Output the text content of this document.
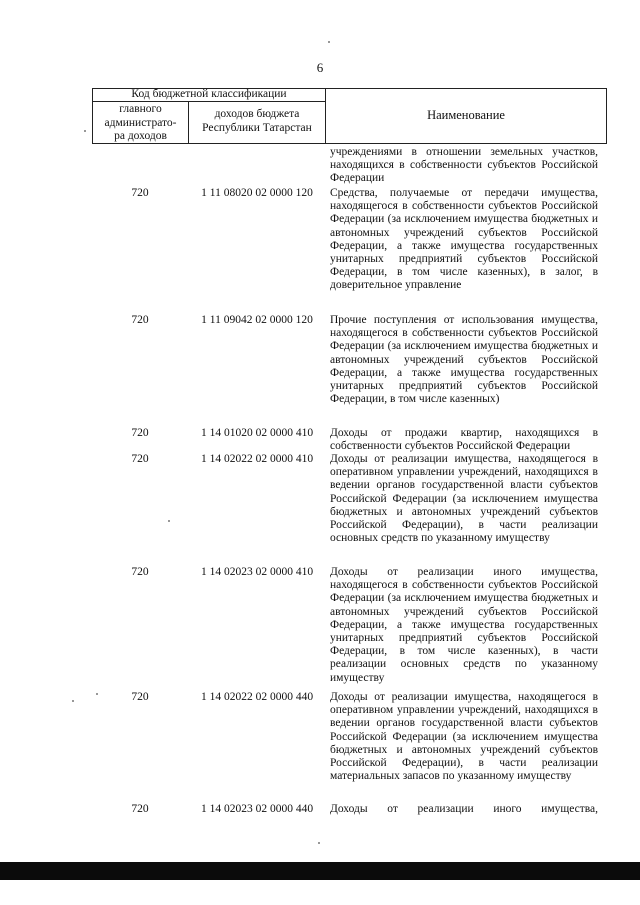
6
Код бюджетной классификации
главного
администрато-
ра доходов
доходов бюджета
Республики Татарстан
Наименование
учреждениями в отношении земельных участков, находящихся в собственности субъектов Российской Федерации
720	1 11 08020 02 0000 120	Средства, получаемые от передачи имущества, находящегося в собственности субъектов Российской Федерации (за исключением имущества бюджетных и автономных учреждений субъектов Российской Федерации, а также имущества государственных унитарных предприятий субъектов Российской Федерации, в том числе казенных), в залог, в доверительное управление
720	1 11 09042 02 0000 120	Прочие поступления от использования имущества, находящегося в собственности субъектов Российской Федерации (за исключением имущества бюджетных и автономных учреждений субъектов Российской Федерации, а также имущества государственных унитарных предприятий субъектов Российской Федерации, в том числе казенных)
720	1 14 01020 02 0000 410	Доходы от продажи квартир, находящихся в собственности субъектов Российской Федерации
720	1 14 02022 02 0000 410	Доходы от реализации имущества, находящегося в оперативном управлении учреждений, находящихся в ведении органов государственной власти субъектов Российской Федерации (за исключением имущества бюджетных и автономных учреждений субъектов Российской Федерации), в части реализации основных средств по указанному имуществу
720	1 14 02023 02 0000 410	Доходы от реализации иного имущества, находящегося в собственности субъектов Российской Федерации (за исключением имущества бюджетных и автономных учреждений субъектов Российской Федерации, а также имущества государственных унитарных предприятий субъектов Российской Федерации, в том числе казенных), в части реализации основных средств по указанному имуществу
720	1 14 02022 02 0000 440	Доходы от реализации имущества, находящегося в оперативном управлении учреждений, находящихся в ведении органов государственной власти субъектов Российской Федерации (за исключением имущества бюджетных и автономных учреждений субъектов Российской Федерации), в части реализации материальных запасов по указанному имуществу
720	1 14 02023 02 0000 440	Доходы от реализации иного имущества,
